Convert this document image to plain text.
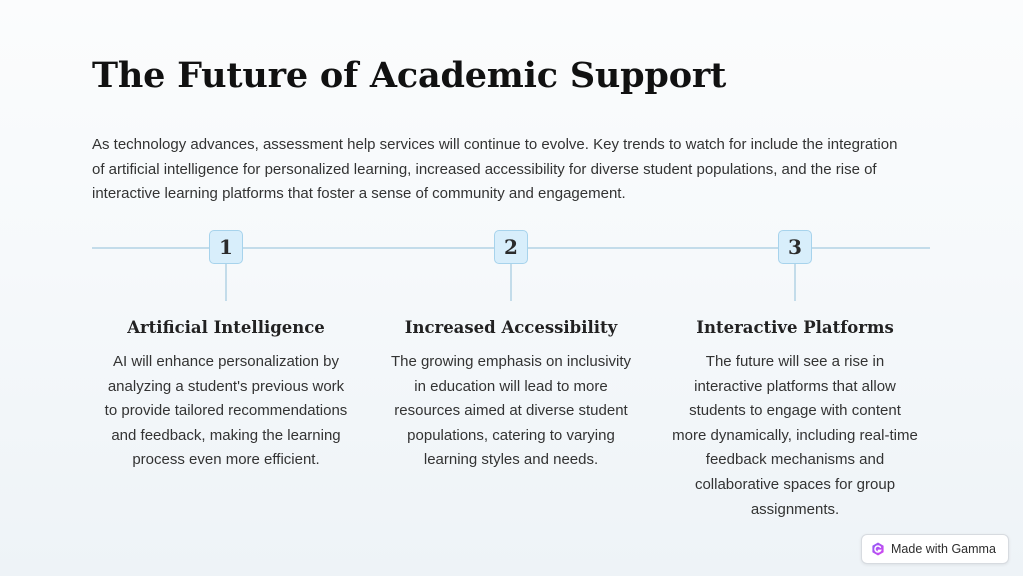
The Future of Academic Support

As technology advances, assessment help services will continue to evolve. Key trends to watch for include the integration of artificial intelligence for personalized learning, increased accessibility for diverse student populations, and the rise of interactive learning platforms that foster a sense of community and engagement.

1
Artificial Intelligence

AI will enhance personalization by analyzing a student's previous work to provide tailored recommendations and feedback, making the learning process even more efficient.

2
Increased Accessibility

The growing emphasis on inclusivity in education will lead to more resources aimed at diverse student populations, catering to varying learning styles and needs.

3
Interactive Platforms

The future will see a rise in interactive platforms that allow students to engage with content more dynamically, including real-time feedback mechanisms and collaborative spaces for group assignments.

Made with Gamma
